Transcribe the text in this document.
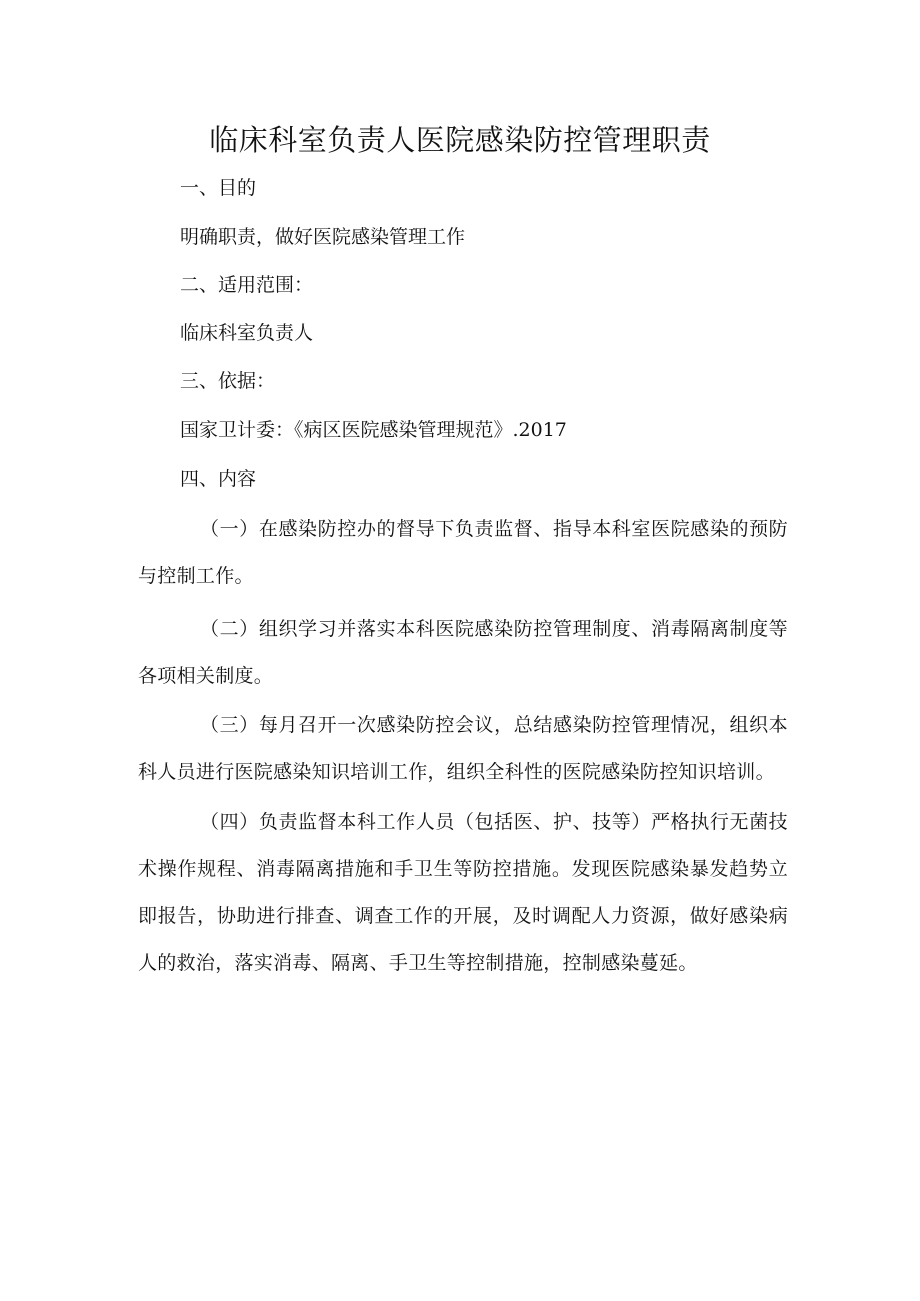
临床科室负责人医院感染防控管理职责
一、目的
明确职责，做好医院感染管理工作
二、适用范围：
临床科室负责人
三、依据：
国家卫计委：《病区医院感染管理规范》.2017
四、内容

（一）在感染防控办的督导下负责监督、指导本科室医院感染的预防与控制工作。

（二）组织学习并落实本科医院感染防控管理制度、消毒隔离制度等各项相关制度。

（三）每月召开一次感染防控会议，总结感染防控管理情况，组织本科人员进行医院感染知识培训工作，组织全科性的医院感染防控知识培训。

（四）负责监督本科工作人员（包括医、护、技等）严格执行无菌技术操作规程、消毒隔离措施和手卫生等防控措施。发现医院感染暴发趋势立即报告，协助进行排查、调查工作的开展，及时调配人力资源，做好感染病人的救治，落实消毒、隔离、手卫生等控制措施，控制感染蔓延。
